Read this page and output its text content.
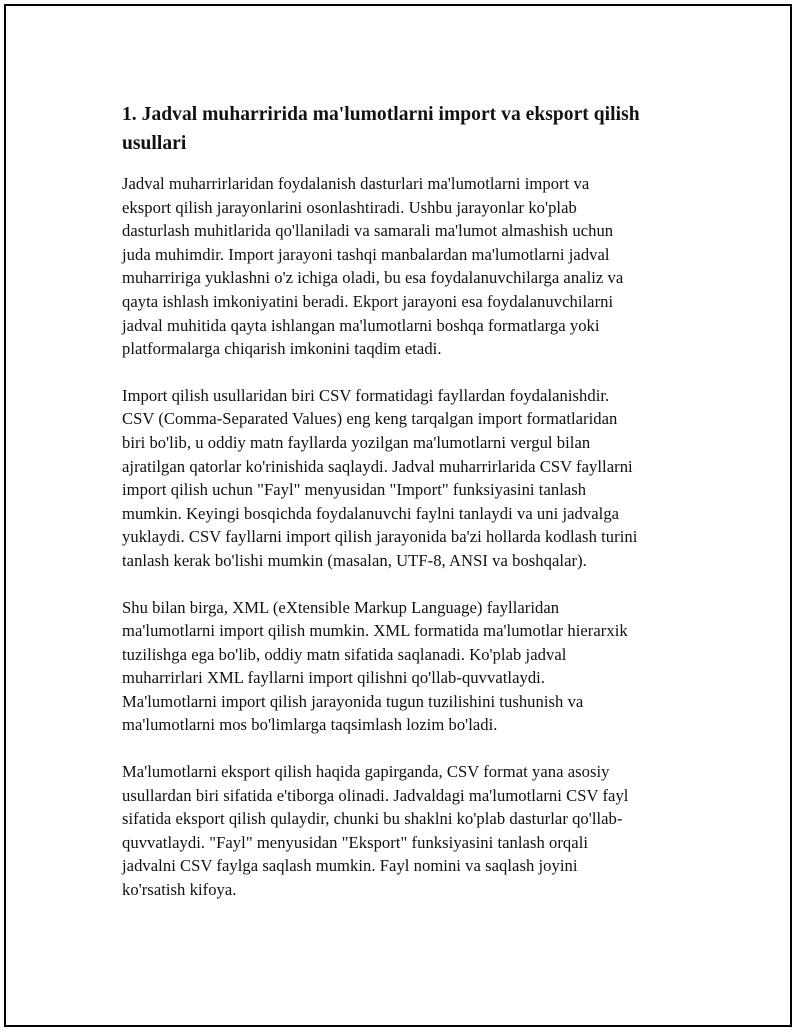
1. Jadval muharririda ma'lumotlarni import va eksport qilish
usullari

Jadval muharrirlaridan foydalanish dasturlari ma'lumotlarni import va
eksport qilish jarayonlarini osonlashtiradi. Ushbu jarayonlar ko'plab
dasturlash muhitlarida qo'llaniladi va samarali ma'lumot almashish uchun
juda muhimdir. Import jarayoni tashqi manbalardan ma'lumotlarni jadval
muharririga yuklashni o'z ichiga oladi, bu esa foydalanuvchilarga analiz va
qayta ishlash imkoniyatini beradi. Ekport jarayoni esa foydalanuvchilarni
jadval muhitida qayta ishlangan ma'lumotlarni boshqa formatlarga yoki
platformalarga chiqarish imkonini taqdim etadi.

Import qilish usullaridan biri CSV formatidagi fayllardan foydalanishdir.
CSV (Comma-Separated Values) eng keng tarqalgan import formatlaridan
biri bo'lib, u oddiy matn fayllarda yozilgan ma'lumotlarni vergul bilan
ajratilgan qatorlar ko'rinishida saqlaydi. Jadval muharrirlarida CSV fayllarni
import qilish uchun "Fayl" menyusidan "Import" funksiyasini tanlash
mumkin. Keyingi bosqichda foydalanuvchi faylni tanlaydi va uni jadvalga
yuklaydi. CSV fayllarni import qilish jarayonida ba'zi hollarda kodlash turini
tanlash kerak bo'lishi mumkin (masalan, UTF-8, ANSI va boshqalar).

Shu bilan birga, XML (eXtensible Markup Language) fayllaridan
ma'lumotlarni import qilish mumkin. XML formatida ma'lumotlar hierarxik
tuzilishga ega bo'lib, oddiy matn sifatida saqlanadi. Ko'plab jadval
muharrirlari XML fayllarni import qilishni qo'llab-quvvatlaydi.
Ma'lumotlarni import qilish jarayonida tugun tuzilishini tushunish va
ma'lumotlarni mos bo'limlarga taqsimlash lozim bo'ladi.

Ma'lumotlarni eksport qilish haqida gapirganda, CSV format yana asosiy
usullardan biri sifatida e'tiborga olinadi. Jadvaldagi ma'lumotlarni CSV fayl
sifatida eksport qilish qulaydir, chunki bu shaklni ko'plab dasturlar qo'llab-
quvvatlaydi. "Fayl" menyusidan "Eksport" funksiyasini tanlash orqali
jadvalni CSV faylga saqlash mumkin. Fayl nomini va saqlash joyini
ko'rsatish kifoya.
